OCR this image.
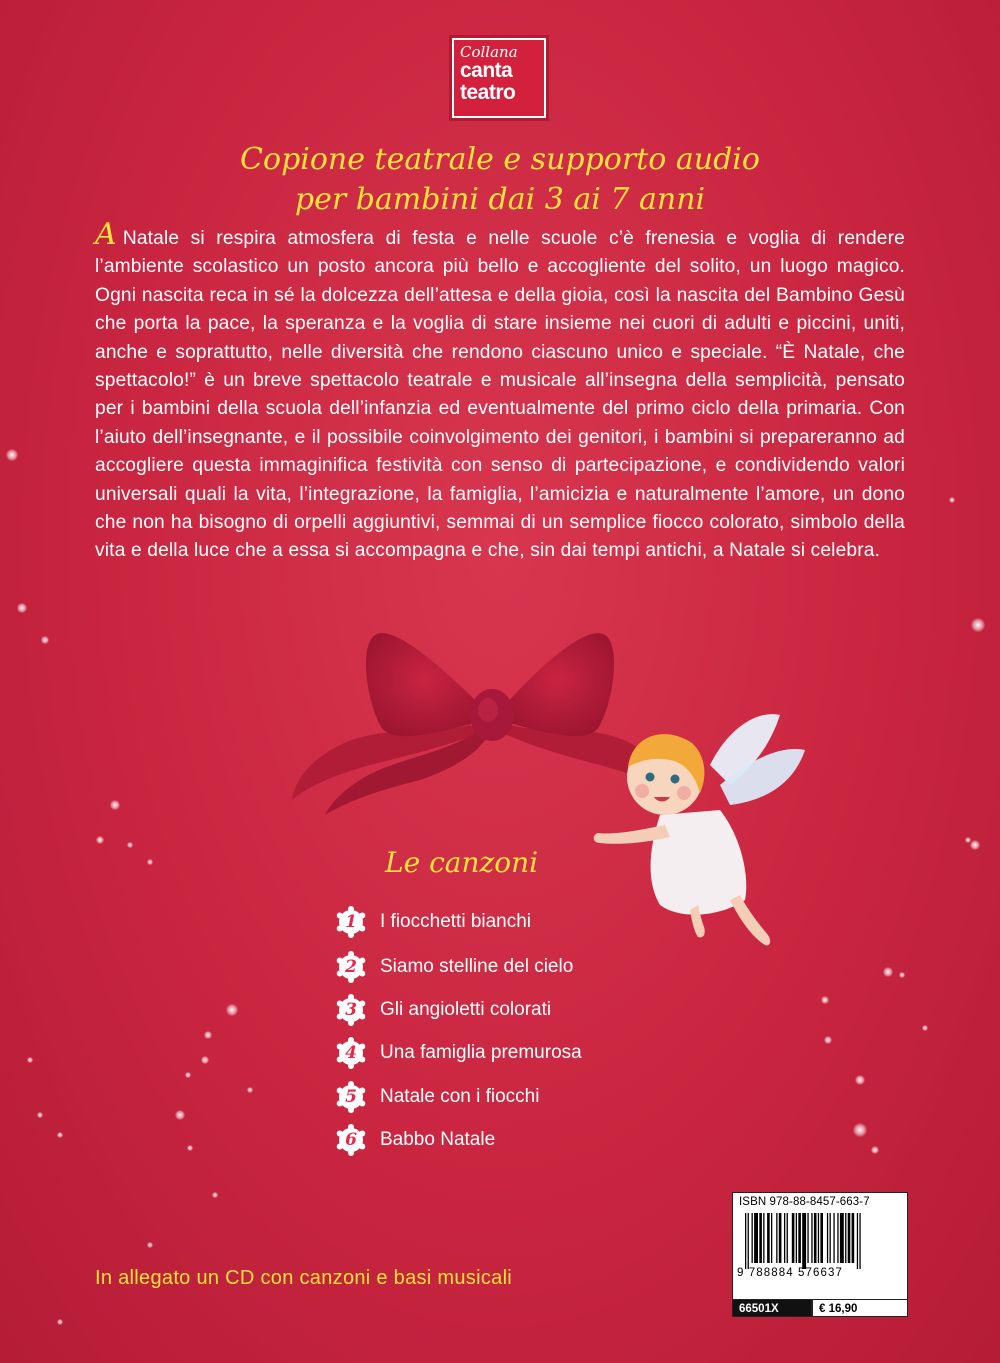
Collana
canta
teatro
Copione teatrale e supporto audio
per bambini dai 3 ai 7 anni
A Natale si respira atmosfera di festa e nelle scuole c’è frenesia e voglia di rendere l’ambiente scolastico un posto ancora più bello e accogliente del solito, un luogo magico. Ogni nascita reca in sé la dolcezza dell’attesa e della gioia, così la nascita del Bambino Gesù che porta la pace, la speranza e la voglia di stare insieme nei cuori di adulti e piccini, uniti, anche e soprattutto, nelle diversità che rendono ciascuno unico e speciale. “È Natale, che spettacolo!” è un breve spettacolo teatrale e musicale all’insegna della semplicità, pensato per i bambini della scuola dell’infanzia ed eventualmente del primo ciclo della primaria. Con l’aiuto dell’insegnante, e il possibile coinvolgimento dei genitori, i bambini si prepareranno ad accogliere questa immaginifica festività con senso di partecipazione, e condividendo valori universali quali la vita, l’integrazione, la famiglia, l’amicizia e naturalmente l’amore, un dono che non ha bisogno di orpelli aggiuntivi, semmai di un semplice fiocco colorato, simbolo della vita e della luce che a essa si accompagna e che, sin dai tempi antichi, a Natale si celebra.
Le canzoni
1	I fiocchetti bianchi
2	Siamo stelline del cielo
3	Gli angioletti colorati
4	Una famiglia premurosa
5	Natale con i fiocchi
6	Babbo Natale
In allegato un CD con canzoni e basi musicali
ISBN 978-88-8457-663-7
9 788884 576637
66501X	€ 16,90
